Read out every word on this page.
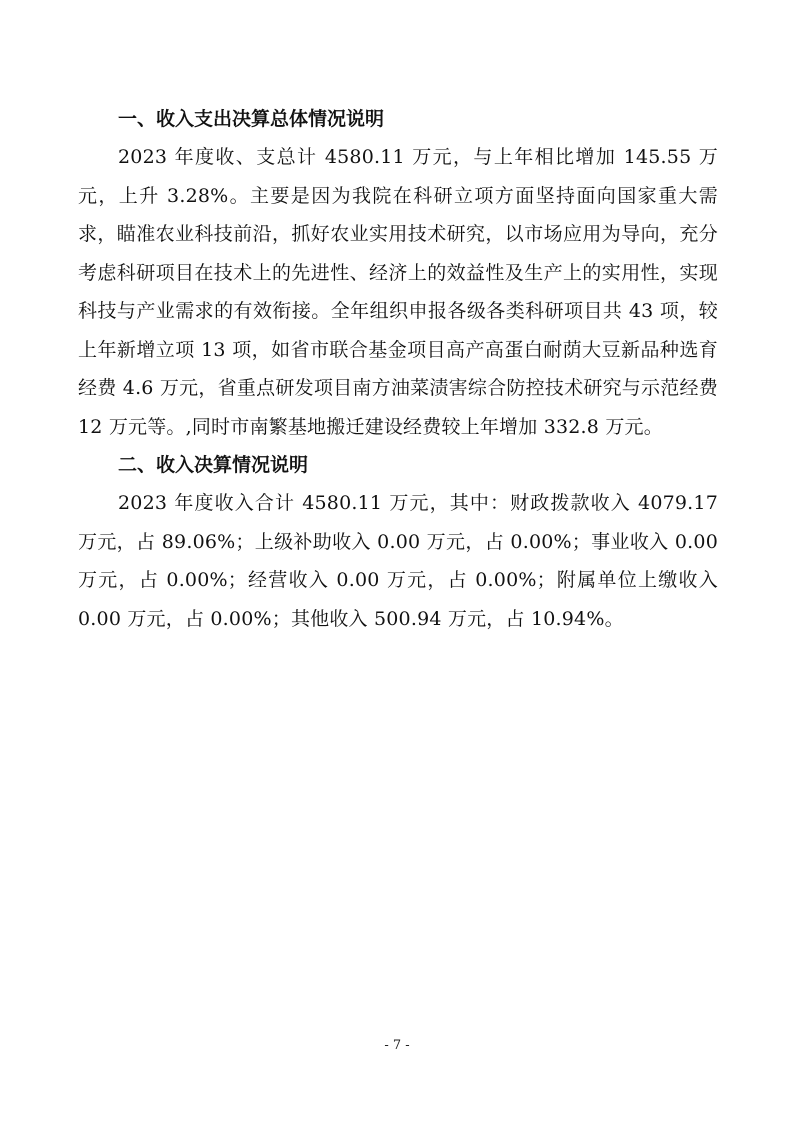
一、收入支出决算总体情况说明

2023 年度收、支总计 4580.11 万元，与上年相比增加 145.55 万元，上升 3.28%。主要是因为我院在科研立项方面坚持面向国家重大需求，瞄准农业科技前沿，抓好农业实用技术研究，以市场应用为导向，充分考虑科研项目在技术上的先进性、经济上的效益性及生产上的实用性，实现科技与产业需求的有效衔接。全年组织申报各级各类科研项目共 43 项，较上年新增立项 13 项，如省市联合基金项目高产高蛋白耐荫大豆新品种选育经费 4.6 万元，省重点研发项目南方油菜渍害综合防控技术研究与示范经费 12 万元等。,同时市南繁基地搬迁建设经费较上年增加 332.8 万元。

二、收入决算情况说明

2023 年度收入合计 4580.11 万元，其中：财政拨款收入 4079.17 万元，占 89.06%；上级补助收入 0.00 万元，占 0.00%；事业收入 0.00 万元，占 0.00%；经营收入 0.00 万元，占 0.00%；附属单位上缴收入 0.00 万元，占 0.00%；其他收入 500.94 万元，占 10.94%。

- 7 -
